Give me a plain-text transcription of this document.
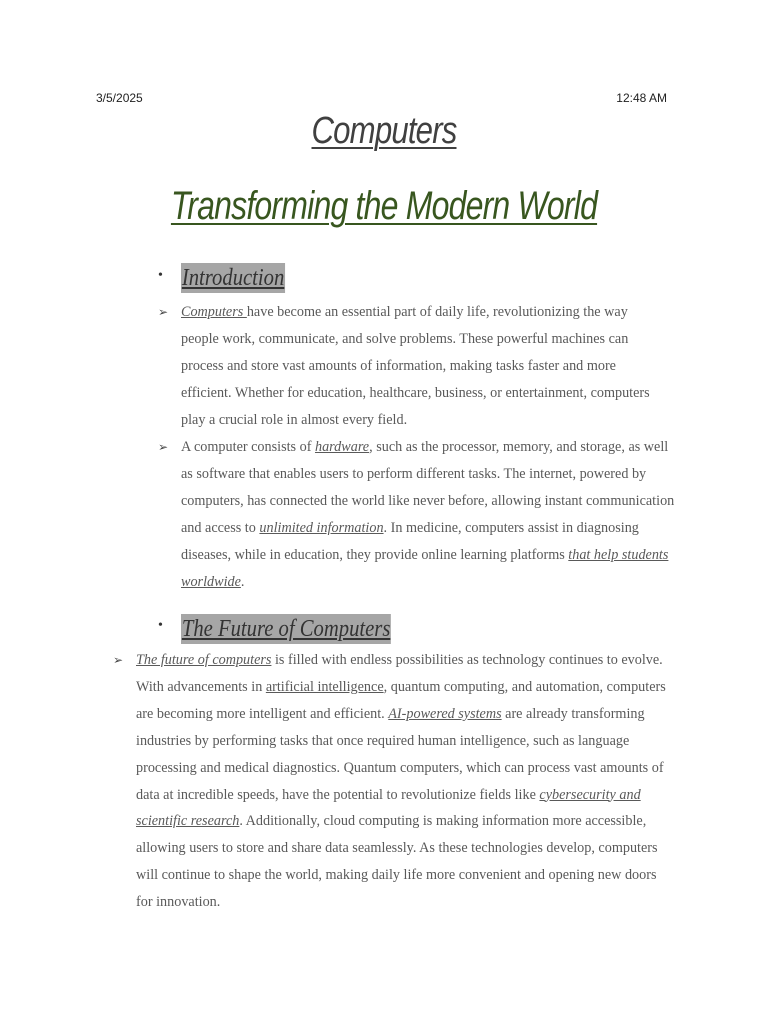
3/5/2025	12:48 AM
Computers
Transforming the Modern World
• Introduction
➢ Computers have become an essential part of daily life, revolutionizing the way people work, communicate, and solve problems. These powerful machines can process and store vast amounts of information, making tasks faster and more efficient. Whether for education, healthcare, business, or entertainment, computers play a crucial role in almost every field.
➢ A computer consists of hardware, such as the processor, memory, and storage, as well as software that enables users to perform different tasks. The internet, powered by computers, has connected the world like never before, allowing instant communication and access to unlimited information. In medicine, computers assist in diagnosing diseases, while in education, they provide online learning platforms that help students worldwide.
• The Future of Computers
➢ The future of computers is filled with endless possibilities as technology continues to evolve. With advancements in artificial intelligence, quantum computing, and automation, computers are becoming more intelligent and efficient. AI-powered systems are already transforming industries by performing tasks that once required human intelligence, such as language processing and medical diagnostics. Quantum computers, which can process vast amounts of data at incredible speeds, have the potential to revolutionize fields like cybersecurity and scientific research. Additionally, cloud computing is making information more accessible, allowing users to store and share data seamlessly. As these technologies develop, computers will continue to shape the world, making daily life more convenient and opening new doors for innovation.
